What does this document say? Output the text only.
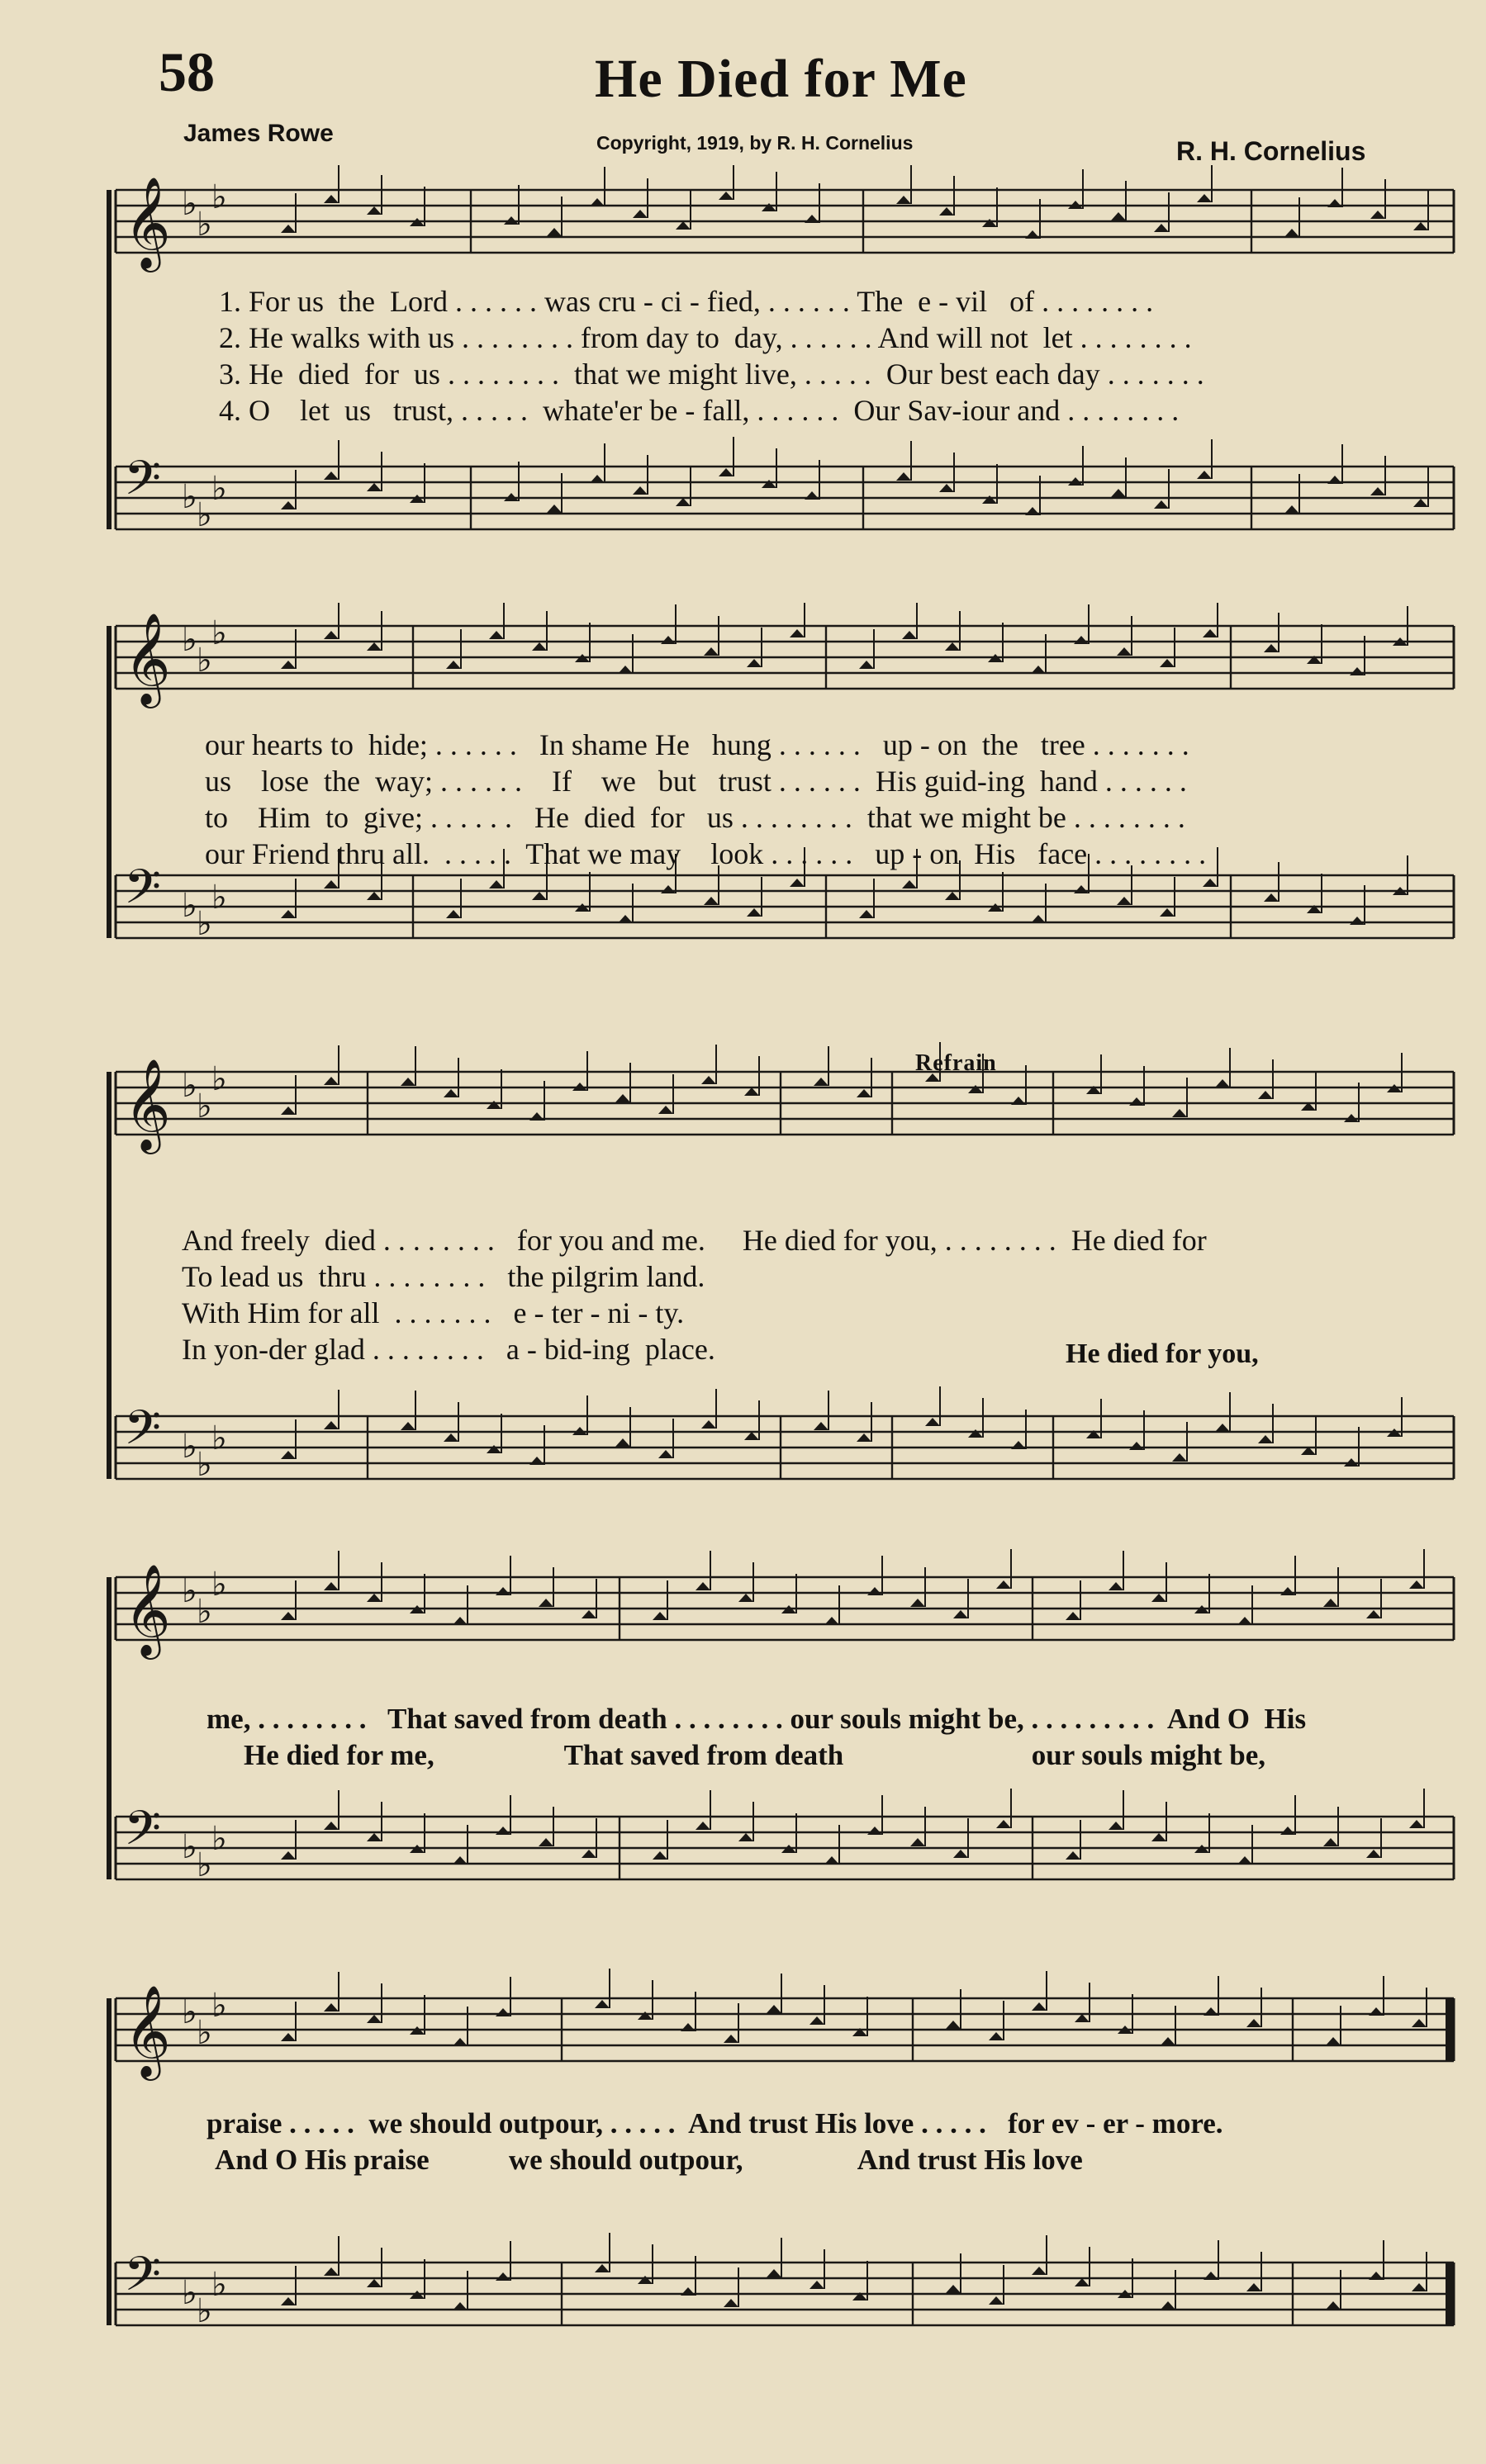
58	He Died for Me
James Rowe	Copyright, 1919, by R. H. Cornelius	R. H. Cornelius
𝄞 ♭
♭
♭
𝄢 ♭ ♭
♭
1. For us  the  Lord . . . . . . was cru - ci - fied, . . . . . . The  e - vil   of . . . . . . . .
2. He walks with us . . . . . . . . from day to  day, . . . . . . And will not  let . . . . . . . .
3. He  died  for  us . . . . . . . .  that we might live, . . . . .  Our best each day . . . . . . .
4. O    let  us   trust, . . . . .  whate'er be - fall, . . . . . .  Our Sav-iour and . . . . . . . .
𝄞 ♭
♭
♭
𝄢 ♭ ♭
♭
our hearts to  hide; . . . . . .   In shame He   hung . . . . . .   up - on  the   tree . . . . . . .
us    lose  the  way; . . . . . .    If    we   but   trust . . . . . .  His guid-ing  hand . . . . . .
to    Him  to  give; . . . . . .   He  died  for   us . . . . . . . .  that we might be . . . . . . . .
our Friend thru all.  . . . . .  That we may    look . . . . . .   up - on  His   face . . . . . . . .
𝄞 ♭
♭
♭
𝄢 ♭ ♭
♭
Refrain
And freely  died . . . . . . . .   for you and me.     He died for you, . . . . . . . .  He died for
To lead us  thru . . . . . . . .   the pilgrim land.
With Him for all  . . . . . . .   e - ter - ni - ty.
In yon-der glad . . . . . . . .   a - bid-ing  place.	He died for you,
𝄞 ♭
♭
♭
𝄢 ♭ ♭
♭
me, . . . . . . . .   That saved from death . . . . . . . . our souls might be, . . . . . . . . .  And O  His
He died for me,                  That saved from death                          our souls might be,
𝄞 ♭
♭
♭
𝄢 ♭ ♭
♭
praise . . . . .  we should outpour, . . . . .  And trust His love . . . . .   for ev - er - more.
And O His praise           we should outpour,                And trust His love
